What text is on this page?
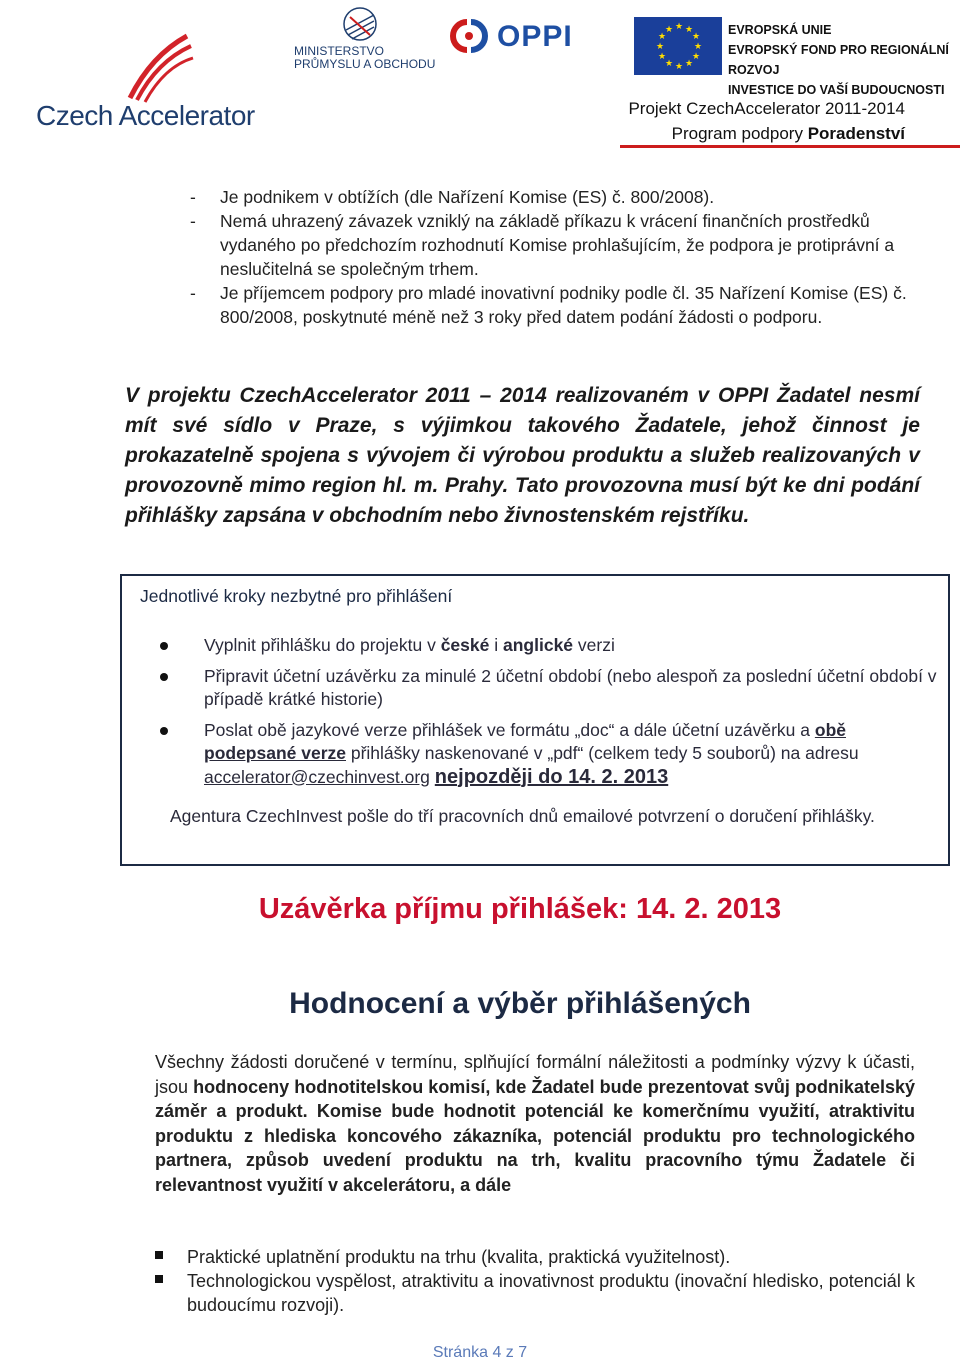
Czech Accelerator
MINISTERSTVO
PRŮMYSLU A OBCHODU
OPPI	★ ★
★
★
★
★
★
★
★
★
★
★	EVROPSKÁ UNIE
EVROPSKÝ FOND PRO REGIONÁLNÍ ROZVOJ
INVESTICE DO VAŠÍ BUDOUCNOSTI
Projekt CzechAccelerator 2011-2014
Program podpory Poradenství
- Je podnikem v obtížích (dle Nařízení Komise (ES) č. 800/2008).
- Nemá uhrazený závazek vzniklý na základě příkazu k vrácení finančních prostředků vydaného po předchozím rozhodnutí Komise prohlašujícím, že podpora je protiprávní a neslučitelná se společným trhem.
- Je příjemcem podpory pro mladé inovativní podniky podle čl. 35 Nařízení Komise (ES) č. 800/2008, poskytnuté méně než 3 roky před datem podání žádosti o podporu.
V projektu CzechAccelerator 2011 – 2014 realizovaném v OPPI Žadatel nesmí mít své sídlo v Praze, s výjimkou takového Žadatele, jehož činnost je prokazatelně spojena s vývojem či výrobou produktu a služeb realizovaných v provozovně mimo region hl. m. Prahy. Tato provozovna musí být ke dni podání přihlášky zapsána v obchodním nebo živnostenském rejstříku.
Jednotlivé kroky nezbytné pro přihlášení
Vyplnit přihlášku do projektu v české i anglické verzi
Připravit účetní uzávěrku za minulé 2 účetní období (nebo alespoň za poslední účetní období v případě krátké historie)
Poslat obě jazykové verze přihlášek ve formátu „doc“ a dále účetní uzávěrku a obě podepsané verze přihlášky naskenované v „pdf“ (celkem tedy 5 souborů) na adresu accelerator@czechinvest.org nejpozději do 14. 2. 2013
Agentura CzechInvest pošle do tří pracovních dnů emailové potvrzení o doručení přihlášky.
Uzávěrka příjmu přihlášek: 14. 2. 2013
Hodnocení a výběr přihlášených
Všechny žádosti doručené v termínu, splňující formální náležitosti a podmínky výzvy k účasti, jsou hodnoceny hodnotitelskou komisí, kde Žadatel bude prezentovat svůj podnikatelský záměr a produkt. Komise bude hodnotit potenciál ke komerčnímu využití, atraktivitu produktu z hlediska koncového zákazníka, potenciál produktu pro technologického partnera, způsob uvedení produktu na trh, kvalitu pracovního týmu Žadatele či relevantnost využití v akcelerátoru, a dále
Praktické uplatnění produktu na trhu (kvalita, praktická využitelnost).
Technologickou vyspělost, atraktivitu a inovativnost produktu (inovační hledisko, potenciál k budoucímu rozvoji).
Stránka 4 z 7
